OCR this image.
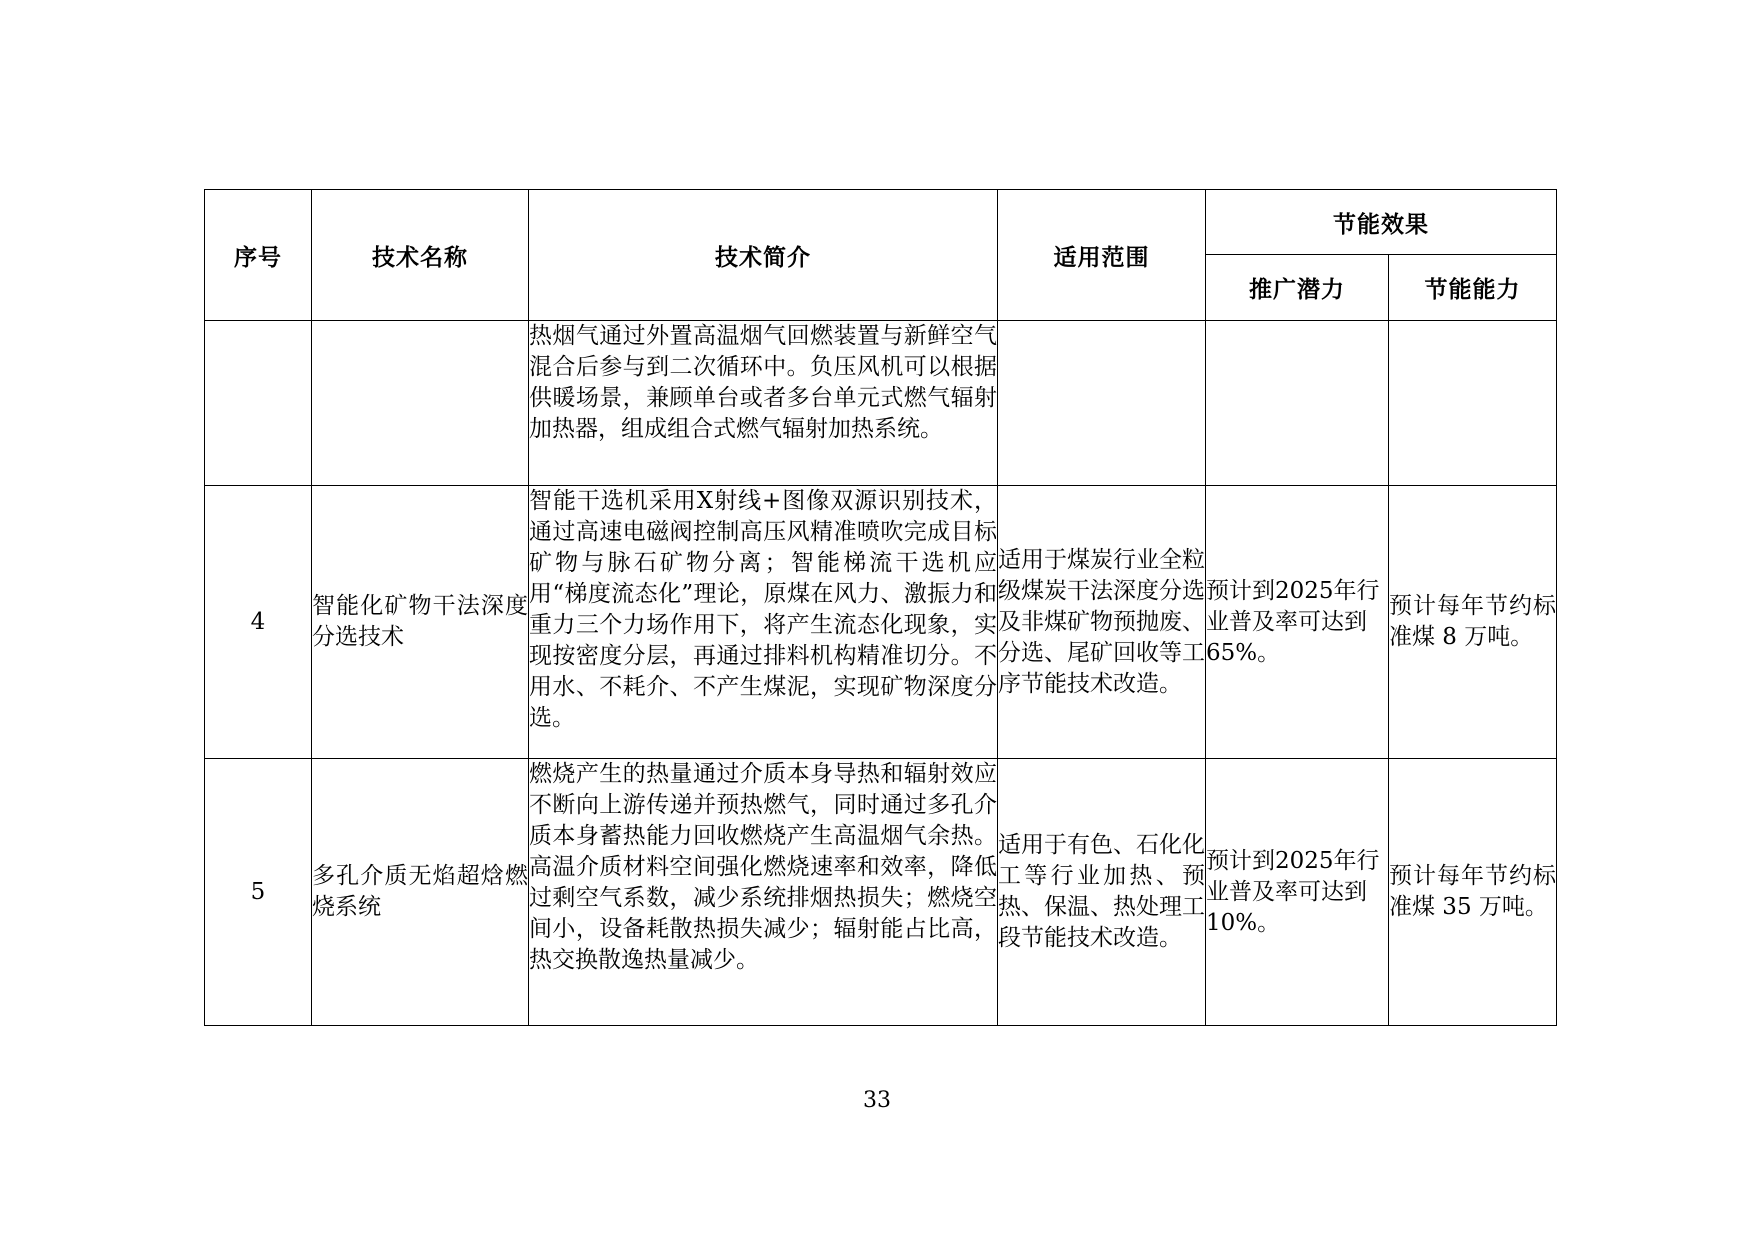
序号	技术名称	技术简介	适用范围	节能效果	
				推广潜力	节能能力

		热烟气通过外置高温烟气回燃装置与新鲜空气混合后参与到二次循环中。负压风机可以根据供暖场景，兼顾单台或者多台单元式燃气辐射加热器，组成组合式燃气辐射加热系统。			

4	智能化矿物干法深度分选技术	智能干选机采用X射线+图像双源识别技术，通过高速电磁阀控制高压风精准喷吹完成目标矿物与脉石矿物分离；智能梯流干选机应用“梯度流态化”理论，原煤在风力、激振力和重力三个力场作用下，将产生流态化现象，实现按密度分层，再通过排料机构精准切分。不用水、不耗介、不产生煤泥，实现矿物深度分选。	适用于煤炭行业全粒级煤炭干法深度分选及非煤矿物预抛废、分选、尾矿回收等工序节能技术改造。	预计到2025年行业普及率可达到65%。	预计每年节约标准煤 8 万吨。
5	多孔介质无焰超焓燃烧系统	燃烧产生的热量通过介质本身导热和辐射效应不断向上游传递并预热燃气，同时通过多孔介质本身蓄热能力回收燃烧产生高温烟气余热。高温介质材料空间强化燃烧速率和效率，降低过剩空气系数，减少系统排烟热损失；燃烧空间小，设备耗散热损失减少；辐射能占比高，热交换散逸热量减少。	适用于有色、石化化工等行业加热、预热、保温、热处理工段节能技术改造。	预计到2025年行业普及率可达到10%。	预计每年节约标准煤 35 万吨。
33
